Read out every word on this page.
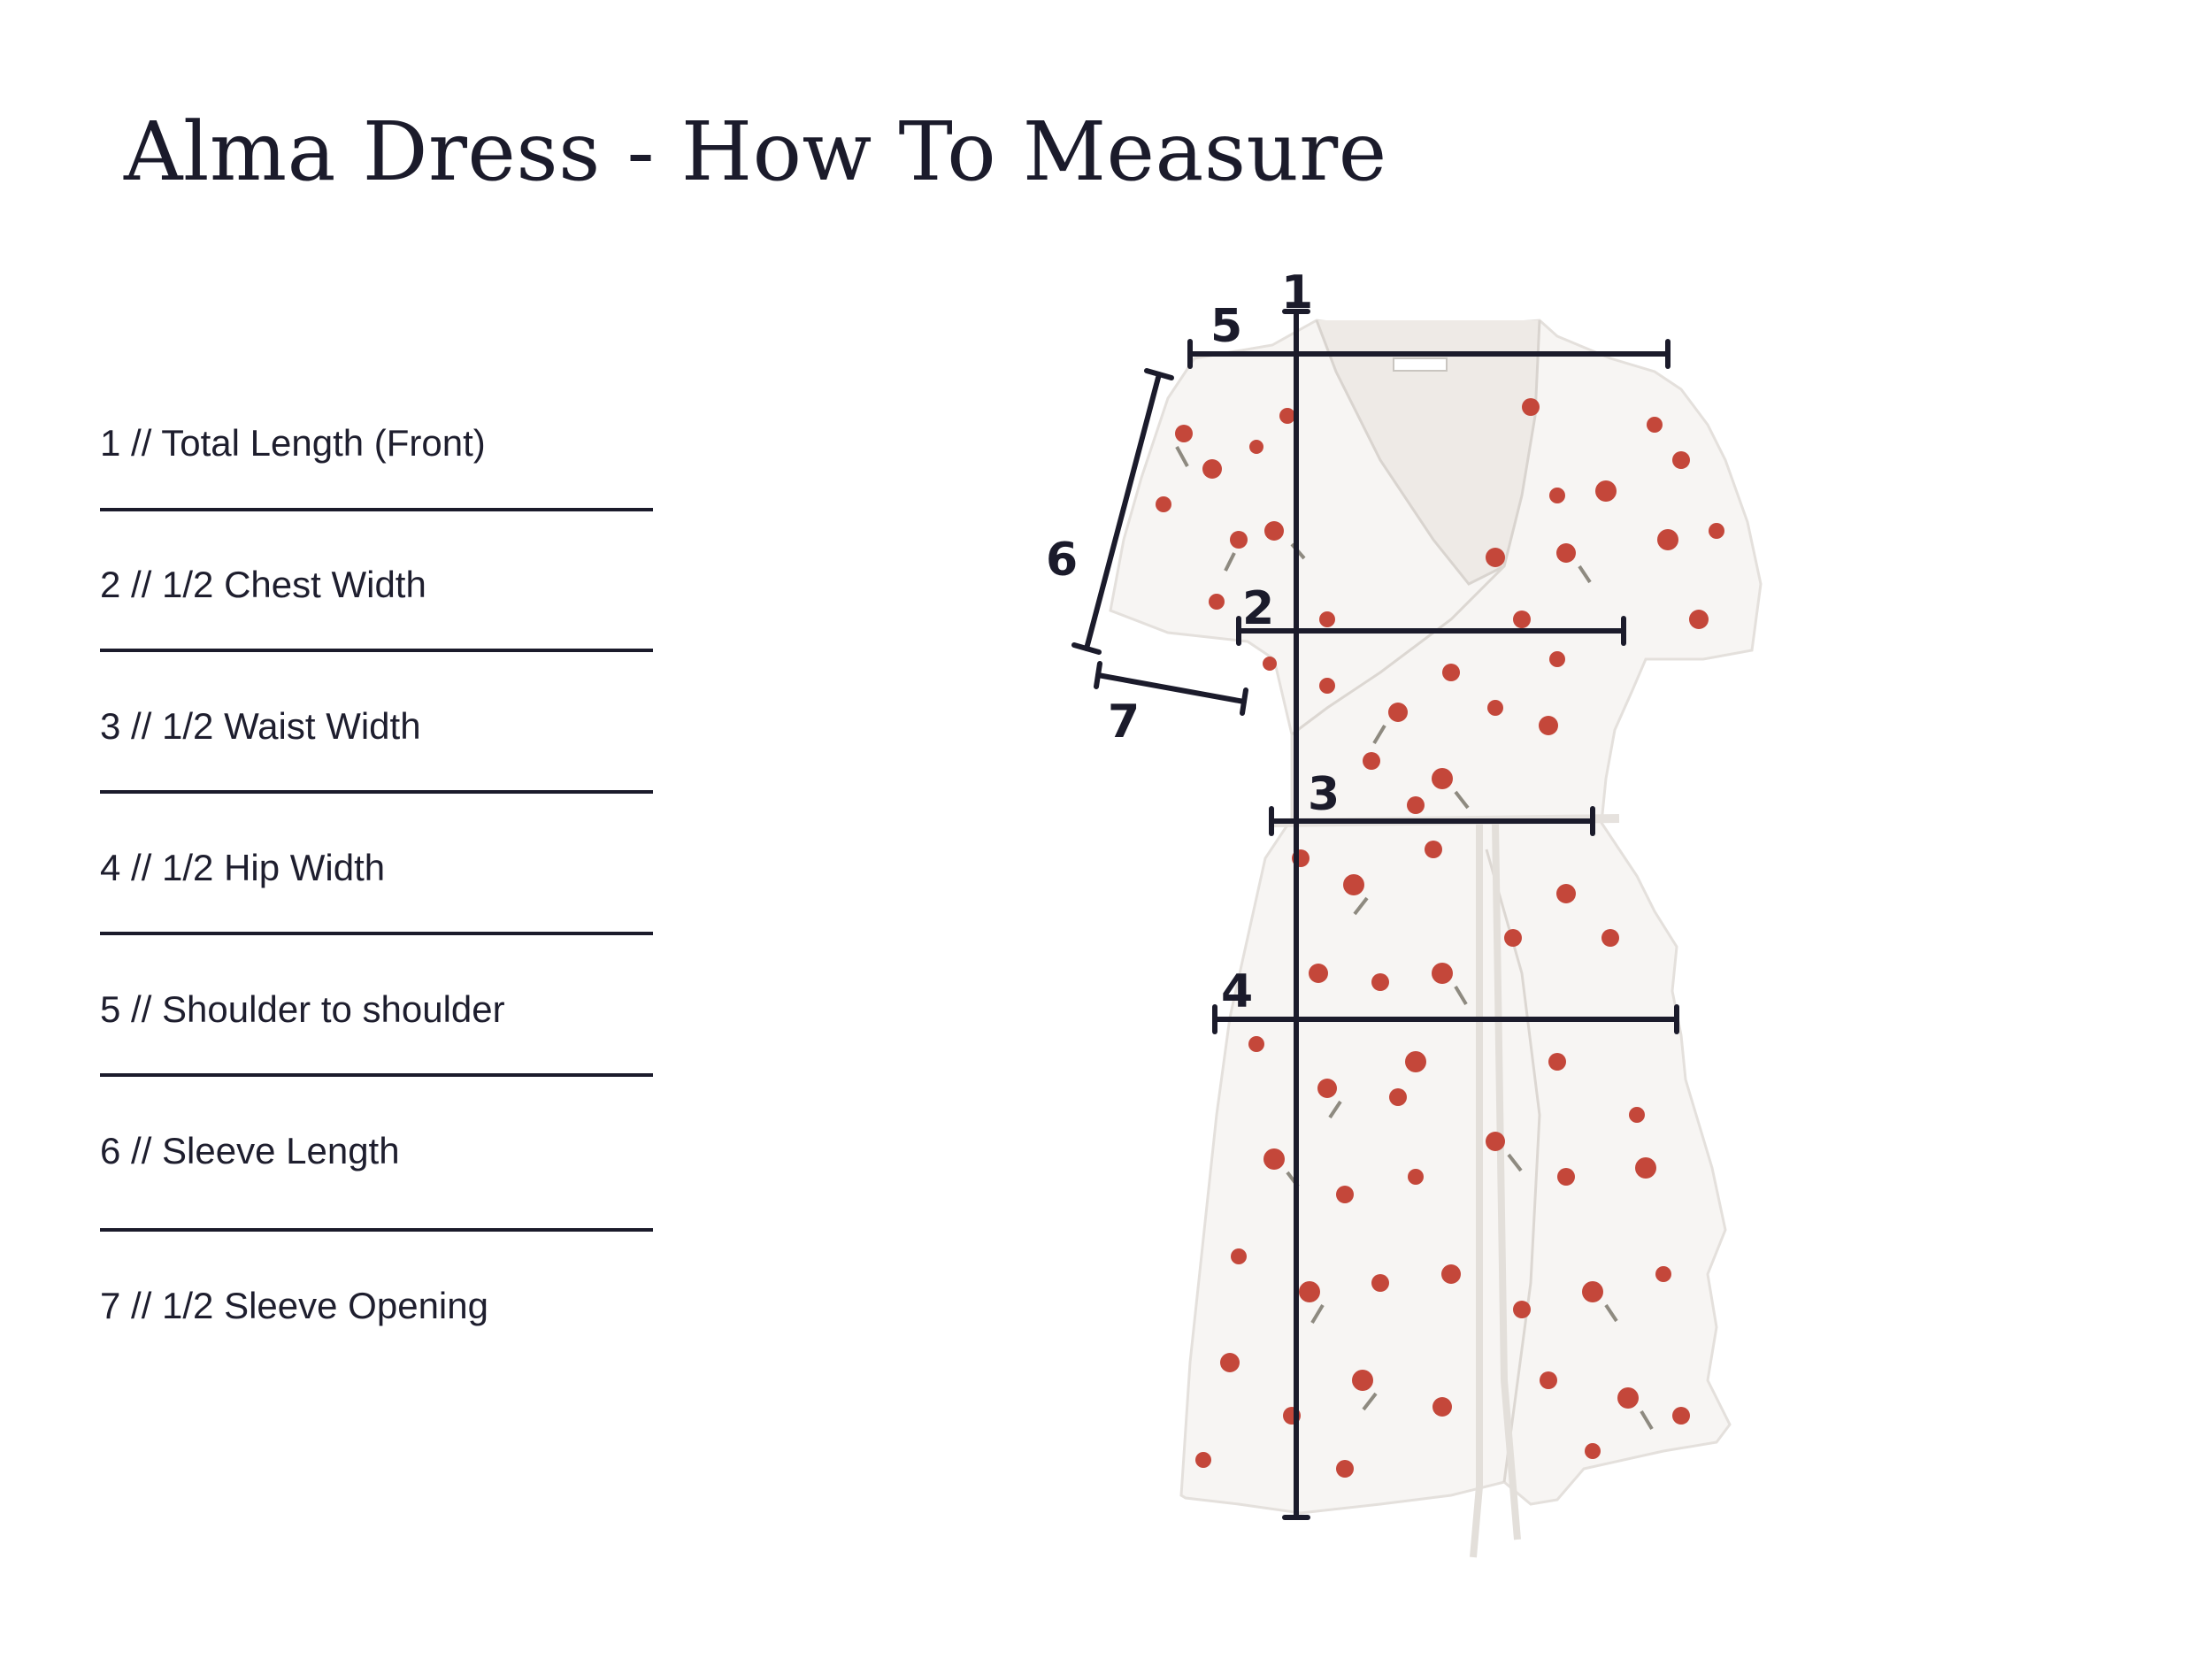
Alma Dress - How To Measure
1 // Total Length (Front)
2 // 1/2 Chest Width
3 // 1/2 Waist Width
4 // 1/2 Hip Width
5 // Shoulder to shoulder
6 // Sleeve Length
7 // 1/2 Sleeve Opening
1
5
6
2
7
3
4
